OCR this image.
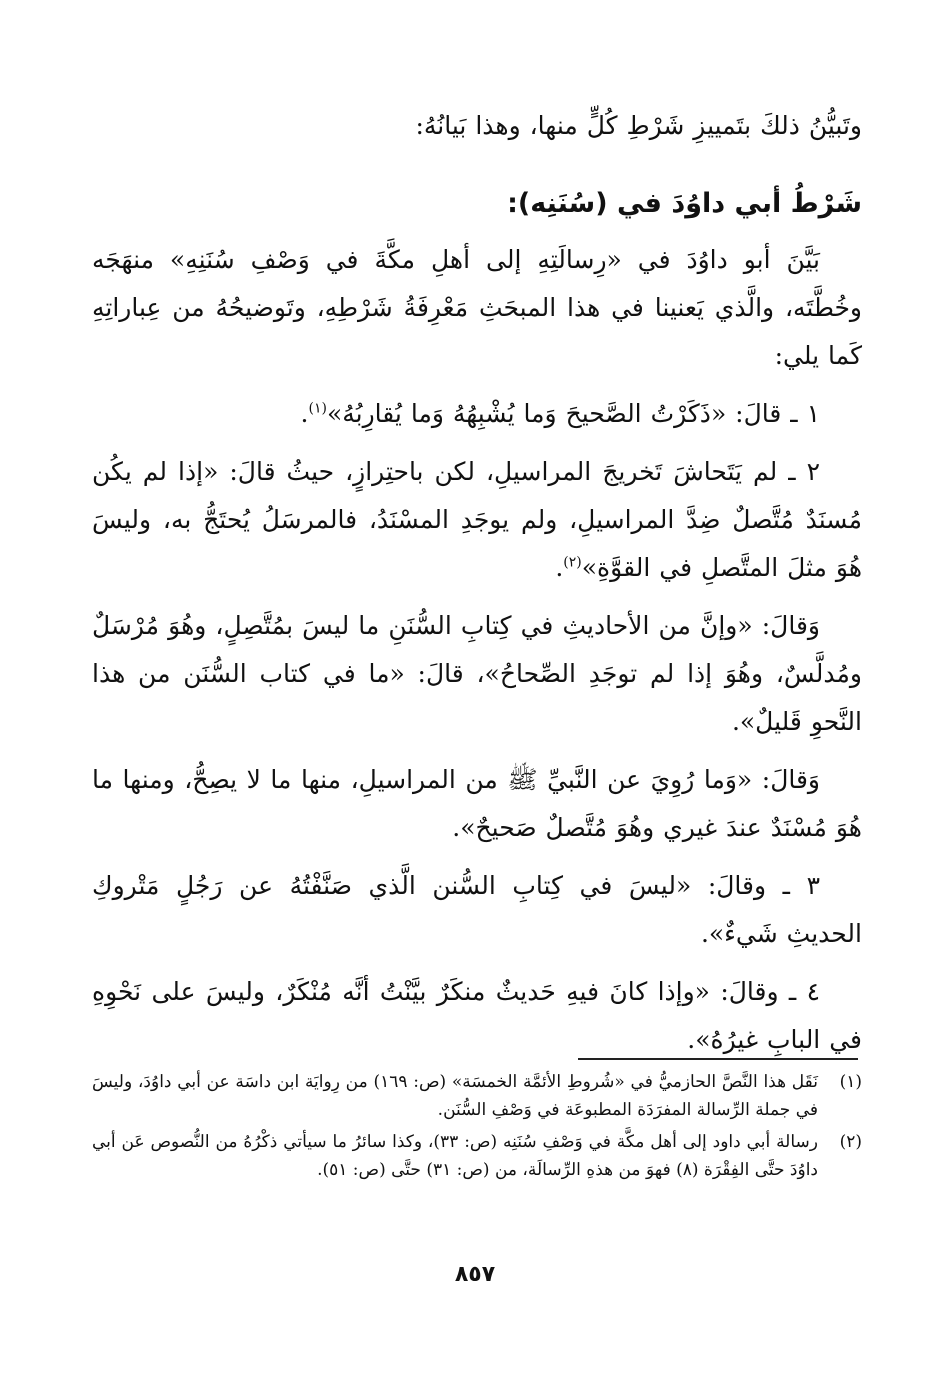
وتَبيُّنُ ذلكَ بتَمييزِ شَرْطِ كُلٍّ منها، وهذا بَيانُهُ:

شَرْطُ أبي داوُدَ في (سُنَنِه):

بَيَّنَ أبو داوُدَ في «رِسالَتِهِ إلى أهلِ مكَّةَ في وَصْفِ سُنَنِهِ» منهَجَه وخُطَّتَه، والَّذي يَعنينا في هذا المبحَثِ مَعْرِفَةُ شَرْطِهِ، وتَوضيحُهُ من عِباراتِهِ كَما يلي:

١ ـ قالَ: «ذَكَرْتُ الصَّحيحَ وَما يُشْبِهُهُ وَما يُقارِبُهُ»$^{(١)}$.

٢ ـ لم يَتَحاشَ تَخريجَ المراسيلِ، لكن باحتِرازٍ، حيثُ قالَ: «إذا لم يكُن مُسنَدٌ مُتَّصلٌ ضِدَّ المراسيلِ، ولم يوجَدِ المسْنَدُ، فالمرسَلُ يُحتَجُّ به، وليسَ هُوَ مثلَ المتَّصلِ في القوَّةِ»$^{(٢)}$.

وَقالَ: «وإنَّ من الأحاديثِ في كِتابِ السُّنَنِ ما ليسَ بمُتَّصِلٍ، وهُوَ مُرْسَلٌ ومُدلَّسٌ، وهُوَ إذا لم توجَدِ الصِّحاحُ»، قالَ: «ما في كتاب السُّنَن من هذا النَّحوِ قَليلٌ».

وَقالَ: «وَما رُوِيَ عن النَّبيِّ ﷺ من المراسيلِ، منها ما لا يصِحُّ، ومنها ما هُوَ مُسْنَدٌ عندَ غيري وهُوَ مُتَّصلٌ صَحيحٌ».

٣ ـ وقالَ: «ليسَ في كِتابِ السُّنن الَّذي صَنَّفْتُهُ عن رَجُلٍ مَتْروكِ الحديثِ شَيءٌ».

٤ ـ وقالَ: «وإذا كانَ فيهِ حَديثٌ منكَرٌ بيَّنْتُ أنَّه مُنْكَرٌ، وليسَ على نَحْوِهِ في البابِ غيرُهُ».

(١)
نَقَل هذا النَّصَّ الحازميُّ في «شُروطِ الأئمَّة الخمسَة» (ص: ١٦٩) من رِوايَة ابن داسَة عن أبي داوُدَ، وليسَ في جملة الرِّسالة المفرَدَة المطبوعَة في وَصْفِ السُّنَن.
(٢)
رسالة أبي داود إلى أهل مكَّة في وَصْفِ سُنَنِه (ص: ٣٣)، وكذا سائرُ ما سيأتي ذكْرُهُ من النُّصوص عَن أبي داوُدَ حتَّى الفِقْرَة (٨) فهوَ من هذهِ الرِّسالَة، من (ص: ٣١) حتَّى (ص: ٥١).
٨٥٧
